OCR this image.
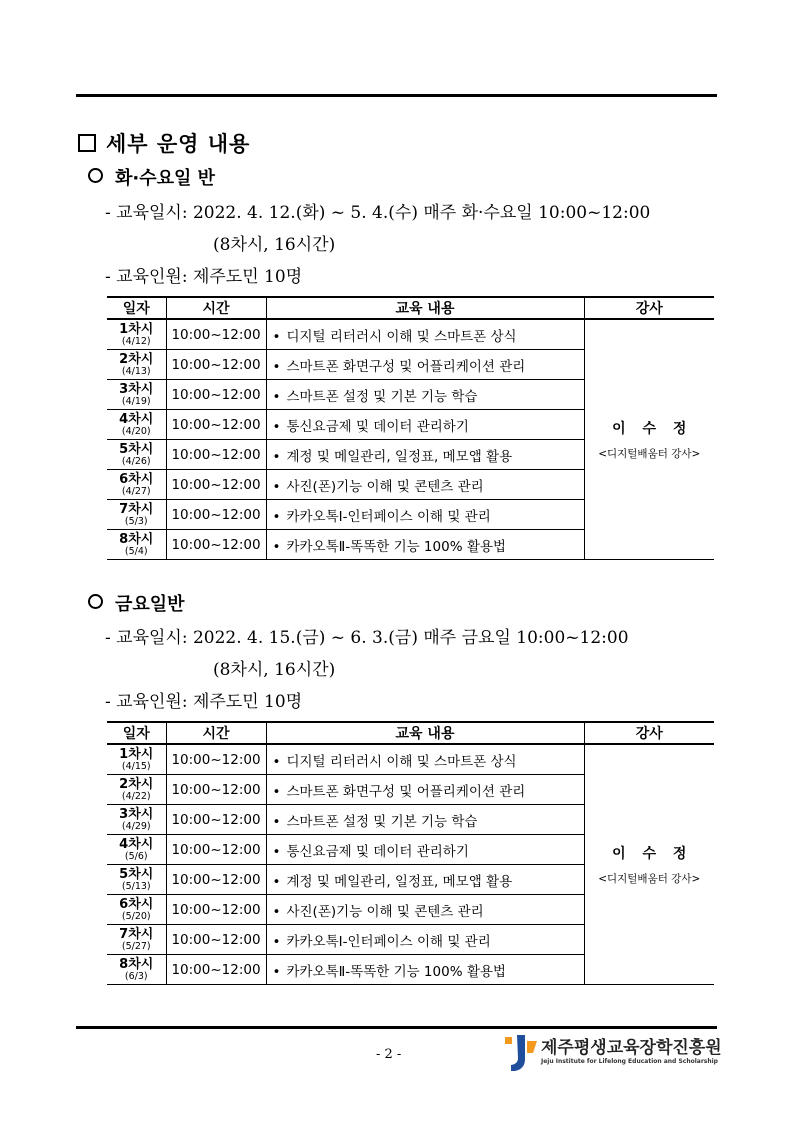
세부 운영 내용
화·수요일 반
- 교육일시: 2022. 4. 12.(화) ~ 5. 4.(수) 매주 화·수요일 10:00~12:00
(8차시, 16시간)
- 교육인원: 제주도민 10명
일자	시간	교육 내용	강사

1차시
(4/12)	10:00~12:00	• 디지털 리터러시 이해 및 스마트폰 상식	이 수 정
<디지털배움터 강사>

2차시
(4/13)	10:00~12:00	• 스마트폰 화면구성 및 어플리케이션 관리	

3차시
(4/19)	10:00~12:00	• 스마트폰 설정 및 기본 기능 학습	

4차시
(4/20)	10:00~12:00	• 통신요금제 및 데이터 관리하기	

5차시
(4/26)	10:00~12:00	• 계정 및 메일관리, 일정표, 메모앱 활용	

6차시
(4/27)	10:00~12:00	• 사진(폰)기능 이해 및 콘텐츠 관리	

7차시
(5/3)	10:00~12:00	• 카카오톡Ⅰ-인터페이스 이해 및 관리	

8차시
(5/4)	10:00~12:00	• 카카오톡Ⅱ-똑똑한 기능 100% 활용법	
금요일반
- 교육일시: 2022. 4. 15.(금) ~ 6. 3.(금) 매주 금요일 10:00~12:00
(8차시, 16시간)
- 교육인원: 제주도민 10명
일자	시간	교육 내용	강사

1차시
(4/15)	10:00~12:00	• 디지털 리터러시 이해 및 스마트폰 상식	이 수 정
<디지털배움터 강사>

2차시
(4/22)	10:00~12:00	• 스마트폰 화면구성 및 어플리케이션 관리	

3차시
(4/29)	10:00~12:00	• 스마트폰 설정 및 기본 기능 학습	

4차시
(5/6)	10:00~12:00	• 통신요금제 및 데이터 관리하기	

5차시
(5/13)	10:00~12:00	• 계정 및 메일관리, 일정표, 메모앱 활용	

6차시
(5/20)	10:00~12:00	• 사진(폰)기능 이해 및 콘텐츠 관리	

7차시
(5/27)	10:00~12:00	• 카카오톡Ⅰ-인터페이스 이해 및 관리	

8차시
(6/3)	10:00~12:00	• 카카오톡Ⅱ-똑똑한 기능 100% 활용법	
- 2 -	제주평생교육장학진흥원
Jeju Institute for Lifelong Education and Scholarship
